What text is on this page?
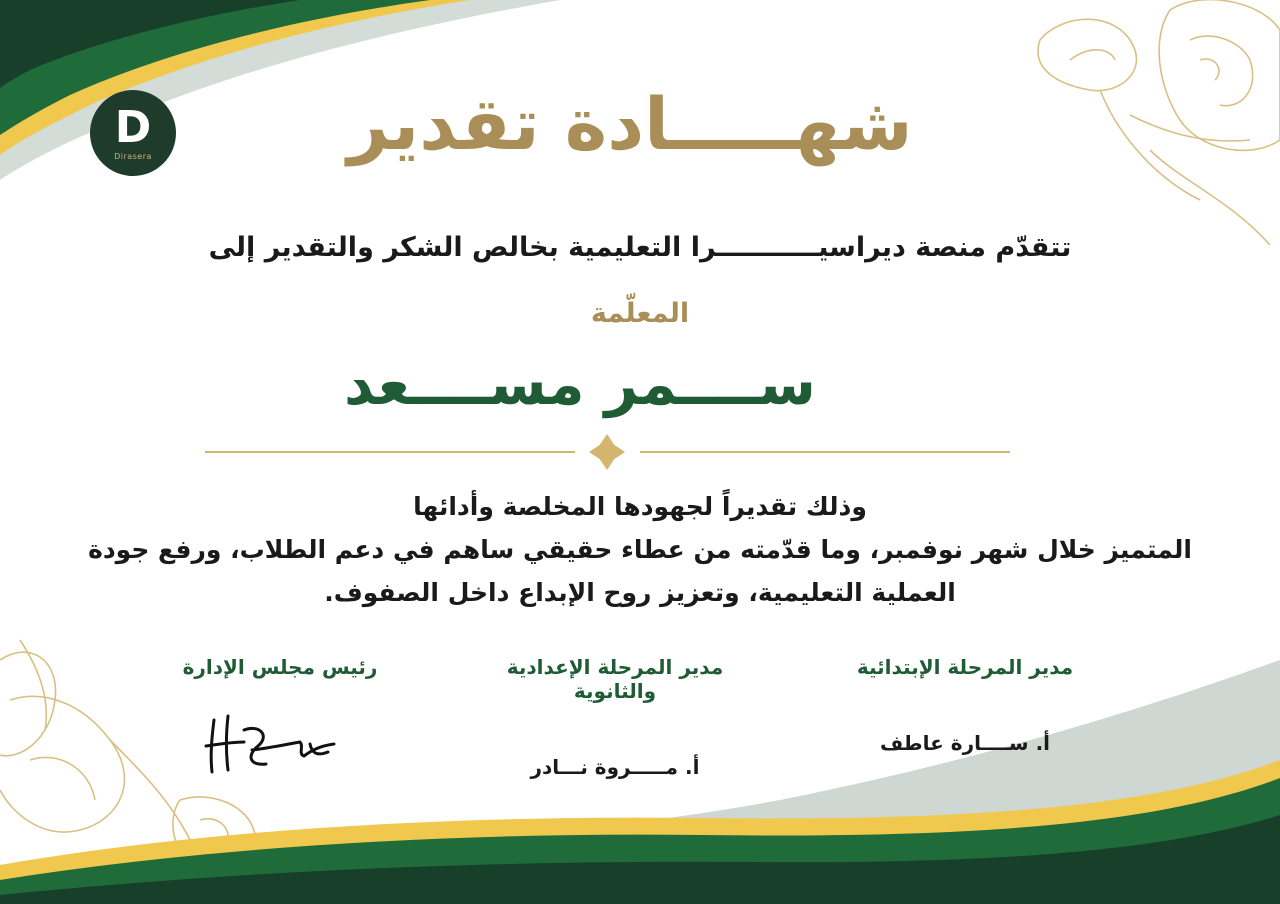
D
Dirasera	شهـــــادة تقدير
تتقدّم منصة ديراسيـــــــــــرا التعليمية بخالص الشكر والتقدير إلى
المعلّمة
ســــمر مســــعد
وذلك تقديراً لجهودها المخلصة وأدائها
المتميز خلال شهر نوفمبر، وما قدّمته من عطاء حقيقي ساهم في دعم الطلاب، ورفع جودة
العملية التعليمية، وتعزيز روح الإبداع داخل الصفوف.
مدير المرحلة الإبتدائية
أ. ســــارة عاطف
مدير المرحلة الإعدادية والثانوية
أ. مـــــروة نـــادر
رئيس مجلس الإدارة
